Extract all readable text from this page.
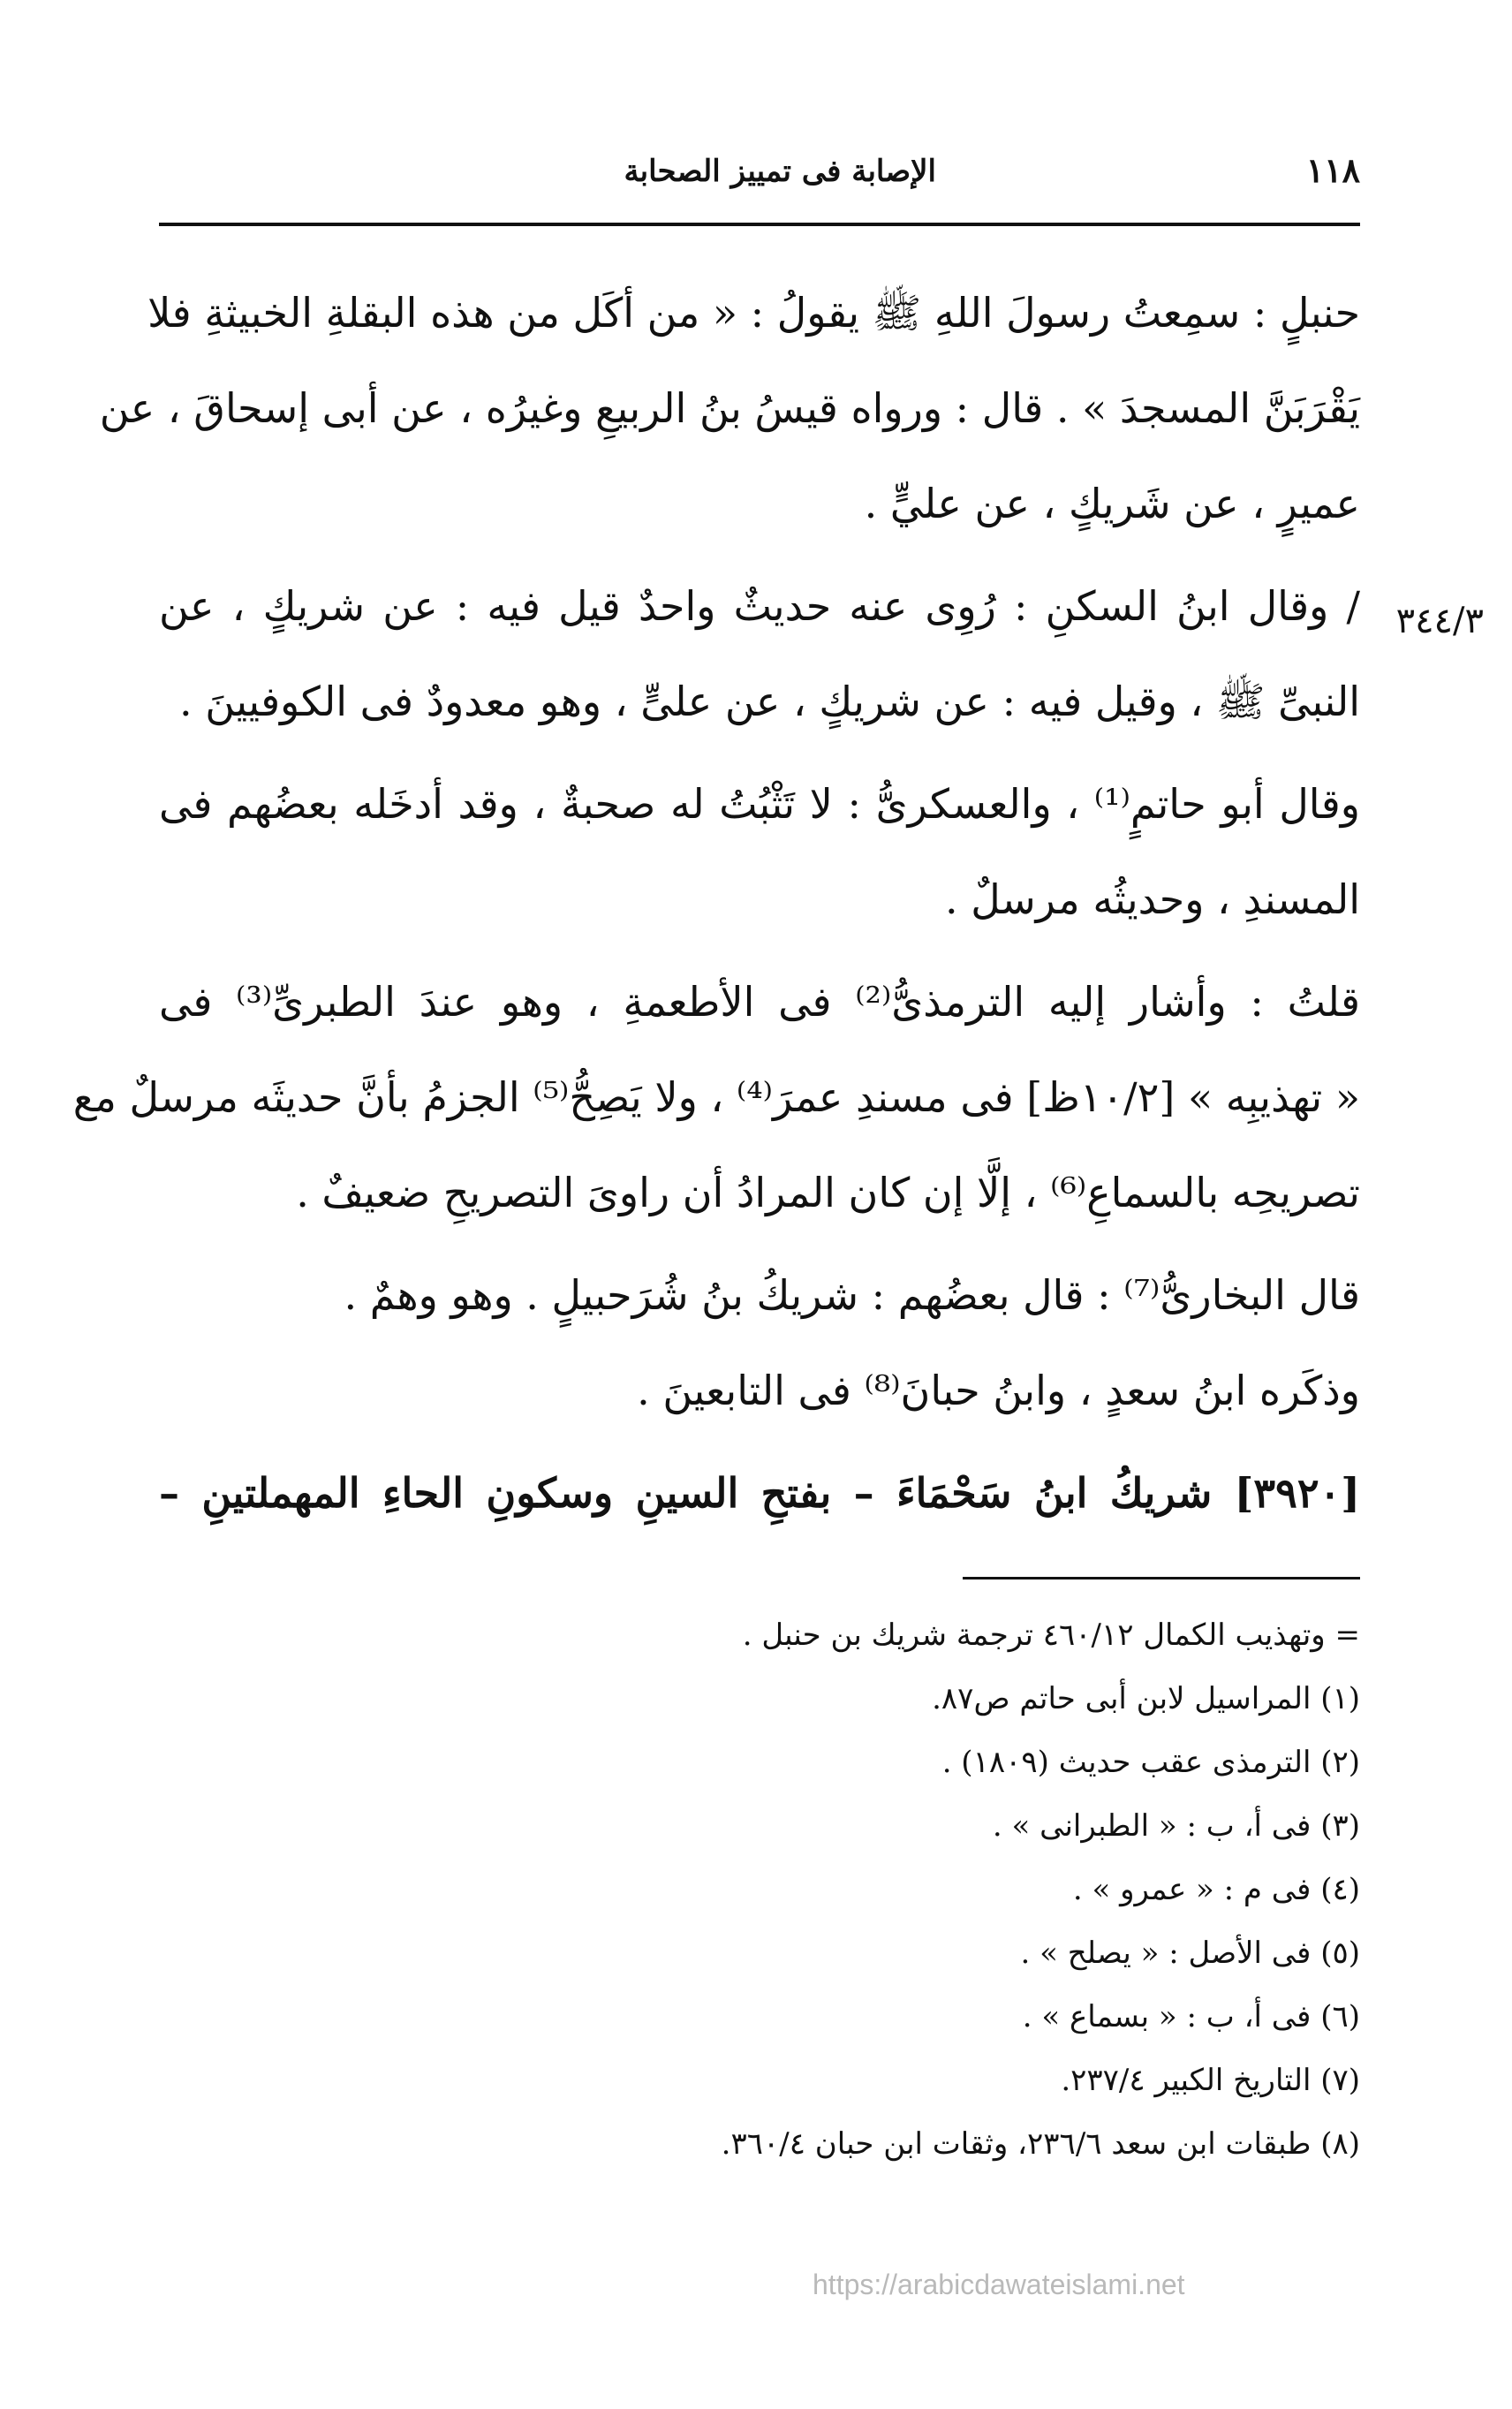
١١٨
الإصابة فى تمييز الصحابة
٣٤٤/٣
حنبلٍ : سمِعتُ رسولَ اللهِ ﷺ يقولُ : « من أكَل من هذه البقلةِ الخبيثةِ فلا
يَقْرَبَنَّ المسجدَ » . قال : ورواه قيسُ بنُ الربيعِ وغيرُه ، عن أبى إسحاقَ ، عن
عميرٍ ، عن شَريكٍ ، عن عليٍّ .
/ وقال ابنُ السكنِ : رُوِى عنه حديثٌ واحدٌ قيل فيه : عن شريكٍ ، عن
النبىِّ ﷺ ، وقيل فيه : عن شريكٍ ، عن علىٍّ ، وهو معدودٌ فى الكوفيينَ .
وقال أبو حاتمٍ⁽¹⁾ ، والعسكرىُّ : لا تَثْبُتُ له صحبةٌ ، وقد أدخَله بعضُهم فى
المسندِ ، وحديثُه مرسلٌ .
قلتُ : وأشار إليه الترمذىُّ⁽²⁾ فى الأطعمةِ ، وهو عندَ الطبرىِّ⁽³⁾ فى
« تهذيبِه » [١٠/٢ظ] فى مسندِ عمرَ⁽⁴⁾ ، ولا يَصِحُّ⁽⁵⁾ الجزمُ بأنَّ حديثَه مرسلٌ مع
تصريحِه بالسماعِ⁽⁶⁾ ، إلَّا إن كان المرادُ أن راوىَ التصريحِ ضعيفٌ .
قال البخارىُّ⁽⁷⁾ : قال بعضُهم : شريكُ بنُ شُرَحبيلٍ . وهو وهمٌ .
وذكَره ابنُ سعدٍ ، وابنُ حبانَ⁽⁸⁾ فى التابعينَ .
[٣٩٢٠] شريكُ ابنُ سَحْمَاءَ – بفتحِ السينِ وسكونِ الحاءِ المهملتينِ –
= وتهذيب الكمال ٤٦٠/١٢ ترجمة شريك بن حنبل .
(١) المراسيل لابن أبى حاتم ص٨٧.
(٢) الترمذى عقب حديث (١٨٠٩) .
(٣) فى أ، ب : « الطبرانى » .
(٤) فى م : « عمرو » .
(٥) فى الأصل : « يصلح » .
(٦) فى أ، ب : « بسماع » .
(٧) التاريخ الكبير ٢٣٧/٤.
(٨) طبقات ابن سعد ٢٣٦/٦، وثقات ابن حبان ٣٦٠/٤.
https://arabicdawateislami.net
